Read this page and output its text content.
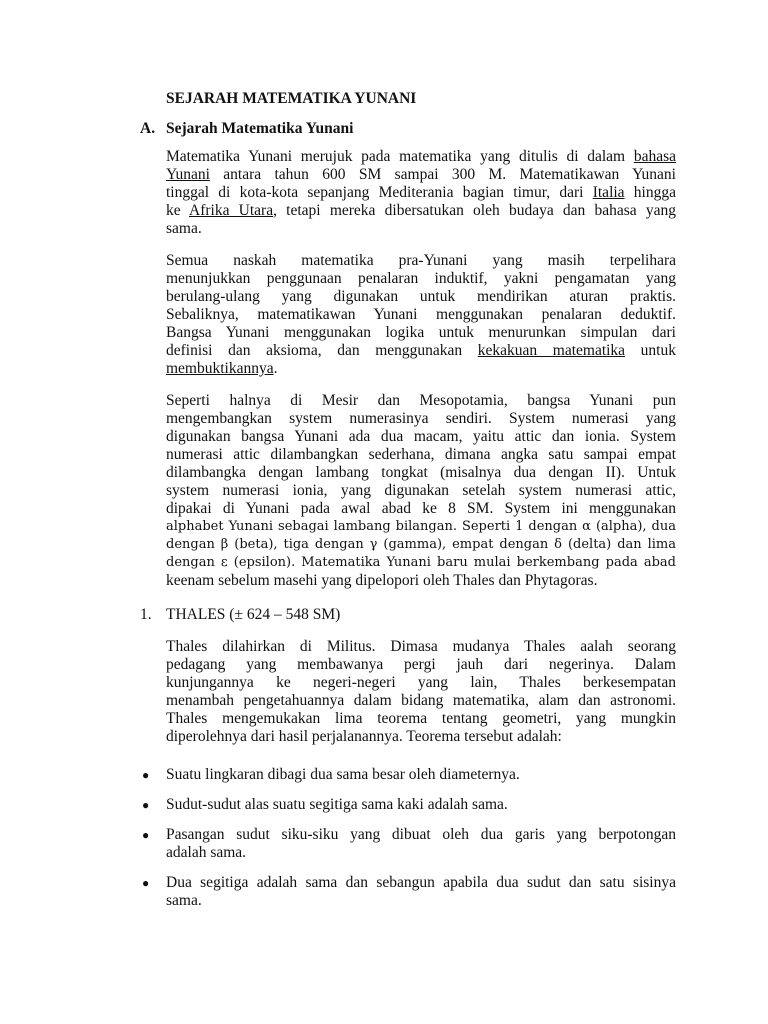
SEJARAH MATEMATIKA YUNANI

A. Sejarah Matematika Yunani

Matematika Yunani merujuk pada matematika yang ditulis di dalam bahasa
Yunani antara tahun 600 SM sampai 300 M. Matematikawan Yunani
tinggal di kota-kota sepanjang Mediterania bagian timur, dari Italia hingga
ke Afrika Utara, tetapi mereka dibersatukan oleh budaya dan bahasa yang
sama.
Semua naskah matematika pra-Yunani yang masih terpelihara
menunjukkan penggunaan penalaran induktif, yakni pengamatan yang
berulang-ulang yang digunakan untuk mendirikan aturan praktis.
Sebaliknya, matematikawan Yunani menggunakan penalaran deduktif.
Bangsa Yunani menggunakan logika untuk menurunkan simpulan dari
definisi dan aksioma, dan menggunakan kekakuan matematika untuk
membuktikannya.
Seperti halnya di Mesir dan Mesopotamia, bangsa Yunani pun
mengembangkan system numerasinya sendiri. System numerasi yang
digunakan bangsa Yunani ada dua macam, yaitu attic dan ionia. System
numerasi attic dilambangkan sederhana, dimana angka satu sampai empat
dilambangka dengan lambang tongkat (misalnya dua dengan II). Untuk
system numerasi ionia, yang digunakan setelah system numerasi attic,
dipakai di Yunani pada awal abad ke 8 SM. System ini menggunakan
alphabet Yunani sebagai lambang bilangan. Seperti 1 dengan α (alpha), dua
dengan β (beta), tiga dengan γ (gamma), empat dengan δ (delta) dan lima
dengan ε (epsilon). Matematika Yunani baru mulai berkembang pada abad
keenam sebelum masehi yang dipelopori oleh Thales dan Phytagoras.

1. THALES (± 624 – 548 SM)

Thales dilahirkan di Militus. Dimasa mudanya Thales aalah seorang
pedagang yang membawanya pergi jauh dari negerinya. Dalam
kunjungannya ke negeri-negeri yang lain, Thales berkesempatan
menambah pengetahuannya dalam bidang matematika, alam dan astronomi.
Thales mengemukakan lima teorema tentang geometri, yang mungkin
diperolehnya dari hasil perjalanannya. Teorema tersebut adalah:
● Suatu lingkaran dibagi dua sama besar oleh diameternya.
● Sudut-sudut alas suatu segitiga sama kaki adalah sama.
● Pasangan sudut siku-siku yang dibuat oleh dua garis yang berpotongan
adalah sama.
● Dua segitiga adalah sama dan sebangun apabila dua sudut dan satu sisinya
sama.
